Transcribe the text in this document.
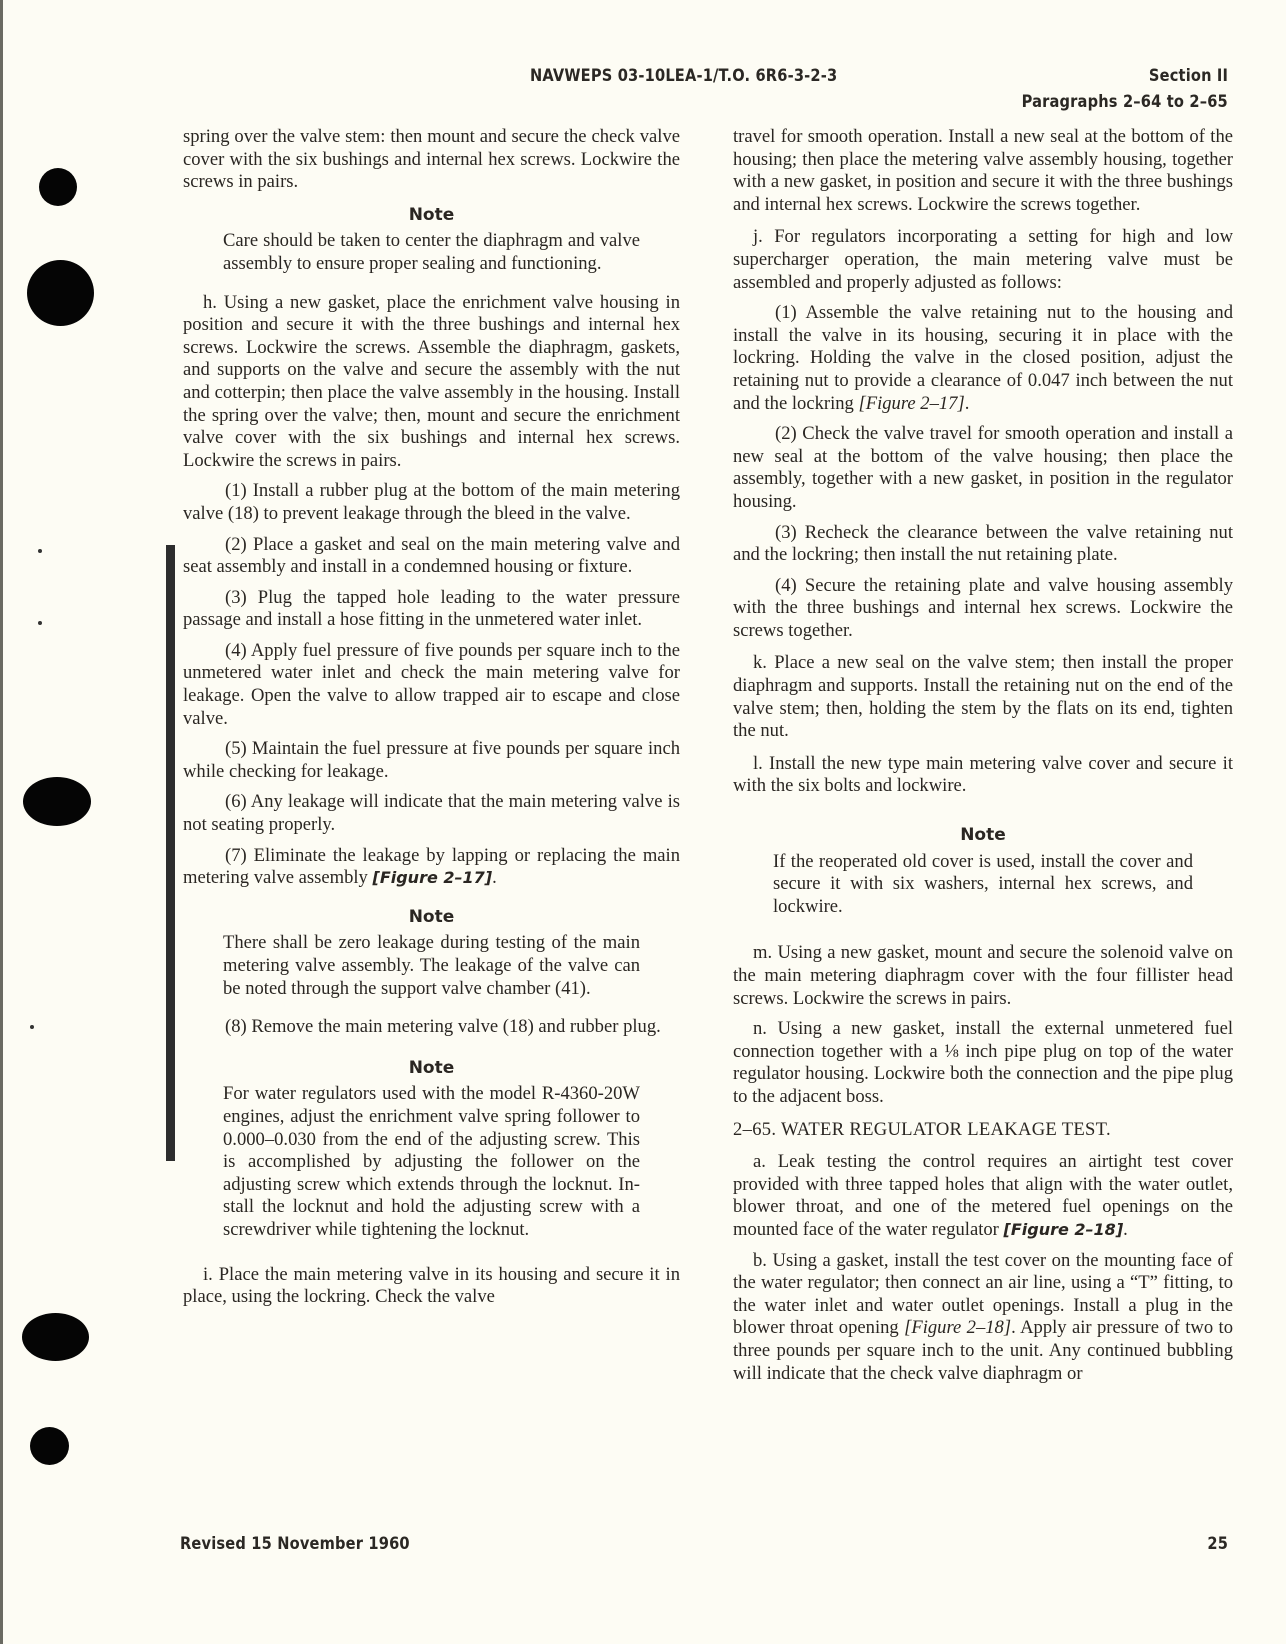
NAVWEPS 03-10LEA-1/T.O. 6R6-3-2-3	Section II
Paragraphs 2–64 to 2–65

spring over the valve stem: then mount and secure the check valve cover with the six bushings and internal hex screws. Lockwire the screws in pairs.

Note
Care should be taken to center the diaphragm and valve assembly to ensure proper sealing and functioning.

h. Using a new gasket, place the enrichment valve housing in position and secure it with the three bushings and internal hex screws. Lockwire the screws. Assemble the diaphragm, gaskets, and supports on the valve and secure the assembly with the nut and cotterpin; then place the valve assembly in the housing. Install the spring over the valve; then, mount and secure the enrichment valve cover with the six bushings and internal hex screws. Lockwire the screws in pairs.

(1) Install a rubber plug at the bottom of the main metering valve (18) to prevent leakage through the bleed in the valve.

(2) Place a gasket and seal on the main metering valve and seat assembly and install in a condemned housing or fixture.

(3) Plug the tapped hole leading to the water pressure passage and install a hose fitting in the unmetered water inlet.

(4) Apply fuel pressure of five pounds per square inch to the unmetered water inlet and check the main metering valve for leakage. Open the valve to allow trapped air to escape and close valve.

(5) Maintain the fuel pressure at five pounds per square inch while checking for leakage.

(6) Any leakage will indicate that the main metering valve is not seating properly.

(7) Eliminate the leakage by lapping or replacing the main metering valve assembly [Figure 2–17].

Note
There shall be zero leakage during testing of the main metering valve assembly. The leakage of the valve can be noted through the support valve chamber (41).

(8) Remove the main metering valve (18) and rubber plug.

Note
For water regulators used with the model R-4360-20W engines, adjust the enrichment valve spring follower to 0.000–0.030 from the end of the adjusting screw. This is accomplished by adjusting the follower on the adjusting screw which extends through the locknut. Install the locknut and hold the adjusting screw with a screwdriver while tightening the locknut.

i. Place the main metering valve in its housing and secure it in place, using the lockring. Check the valve

travel for smooth operation. Install a new seal at the bottom of the housing; then place the metering valve assembly housing, together with a new gasket, in position and secure it with the three bushings and internal hex screws. Lockwire the screws together.

j. For regulators incorporating a setting for high and low supercharger operation, the main metering valve must be assembled and properly adjusted as follows:

(1) Assemble the valve retaining nut to the housing and install the valve in its housing, securing it in place with the lockring. Holding the valve in the closed position, adjust the retaining nut to provide a clearance of 0.047 inch between the nut and the lockring [Figure 2–17].

(2) Check the valve travel for smooth operation and install a new seal at the bottom of the valve housing; then place the assembly, together with a new gasket, in position in the regulator housing.

(3) Recheck the clearance between the valve retaining nut and the lockring; then install the nut retaining plate.

(4) Secure the retaining plate and valve housing assembly with the three bushings and internal hex screws. Lockwire the screws together.

k. Place a new seal on the valve stem; then install the proper diaphragm and supports. Install the retaining nut on the end of the valve stem; then, holding the stem by the flats on its end, tighten the nut.

l. Install the new type main metering valve cover and secure it with the six bolts and lockwire.

Note
If the reoperated old cover is used, install the cover and secure it with six washers, internal hex screws, and lockwire.

m. Using a new gasket, mount and secure the solenoid valve on the main metering diaphragm cover with the four fillister head screws. Lockwire the screws in pairs.

n. Using a new gasket, install the external unmetered fuel connection together with a ⅛ inch pipe plug on top of the water regulator housing. Lockwire both the connection and the pipe plug to the adjacent boss.

2–65. WATER REGULATOR LEAKAGE TEST.

a. Leak testing the control requires an airtight test cover provided with three tapped holes that align with the water outlet, blower throat, and one of the metered fuel openings on the mounted face of the water regulator [Figure 2–18].

b. Using a gasket, install the test cover on the mounting face of the water regulator; then connect an air line, using a “T” fitting, to the water inlet and water outlet openings. Install a plug in the blower throat opening [Figure 2–18]. Apply air pressure of two to three pounds per square inch to the unit. Any continued bubbling will indicate that the check valve diaphragm or

Revised 15 November 1960	25
